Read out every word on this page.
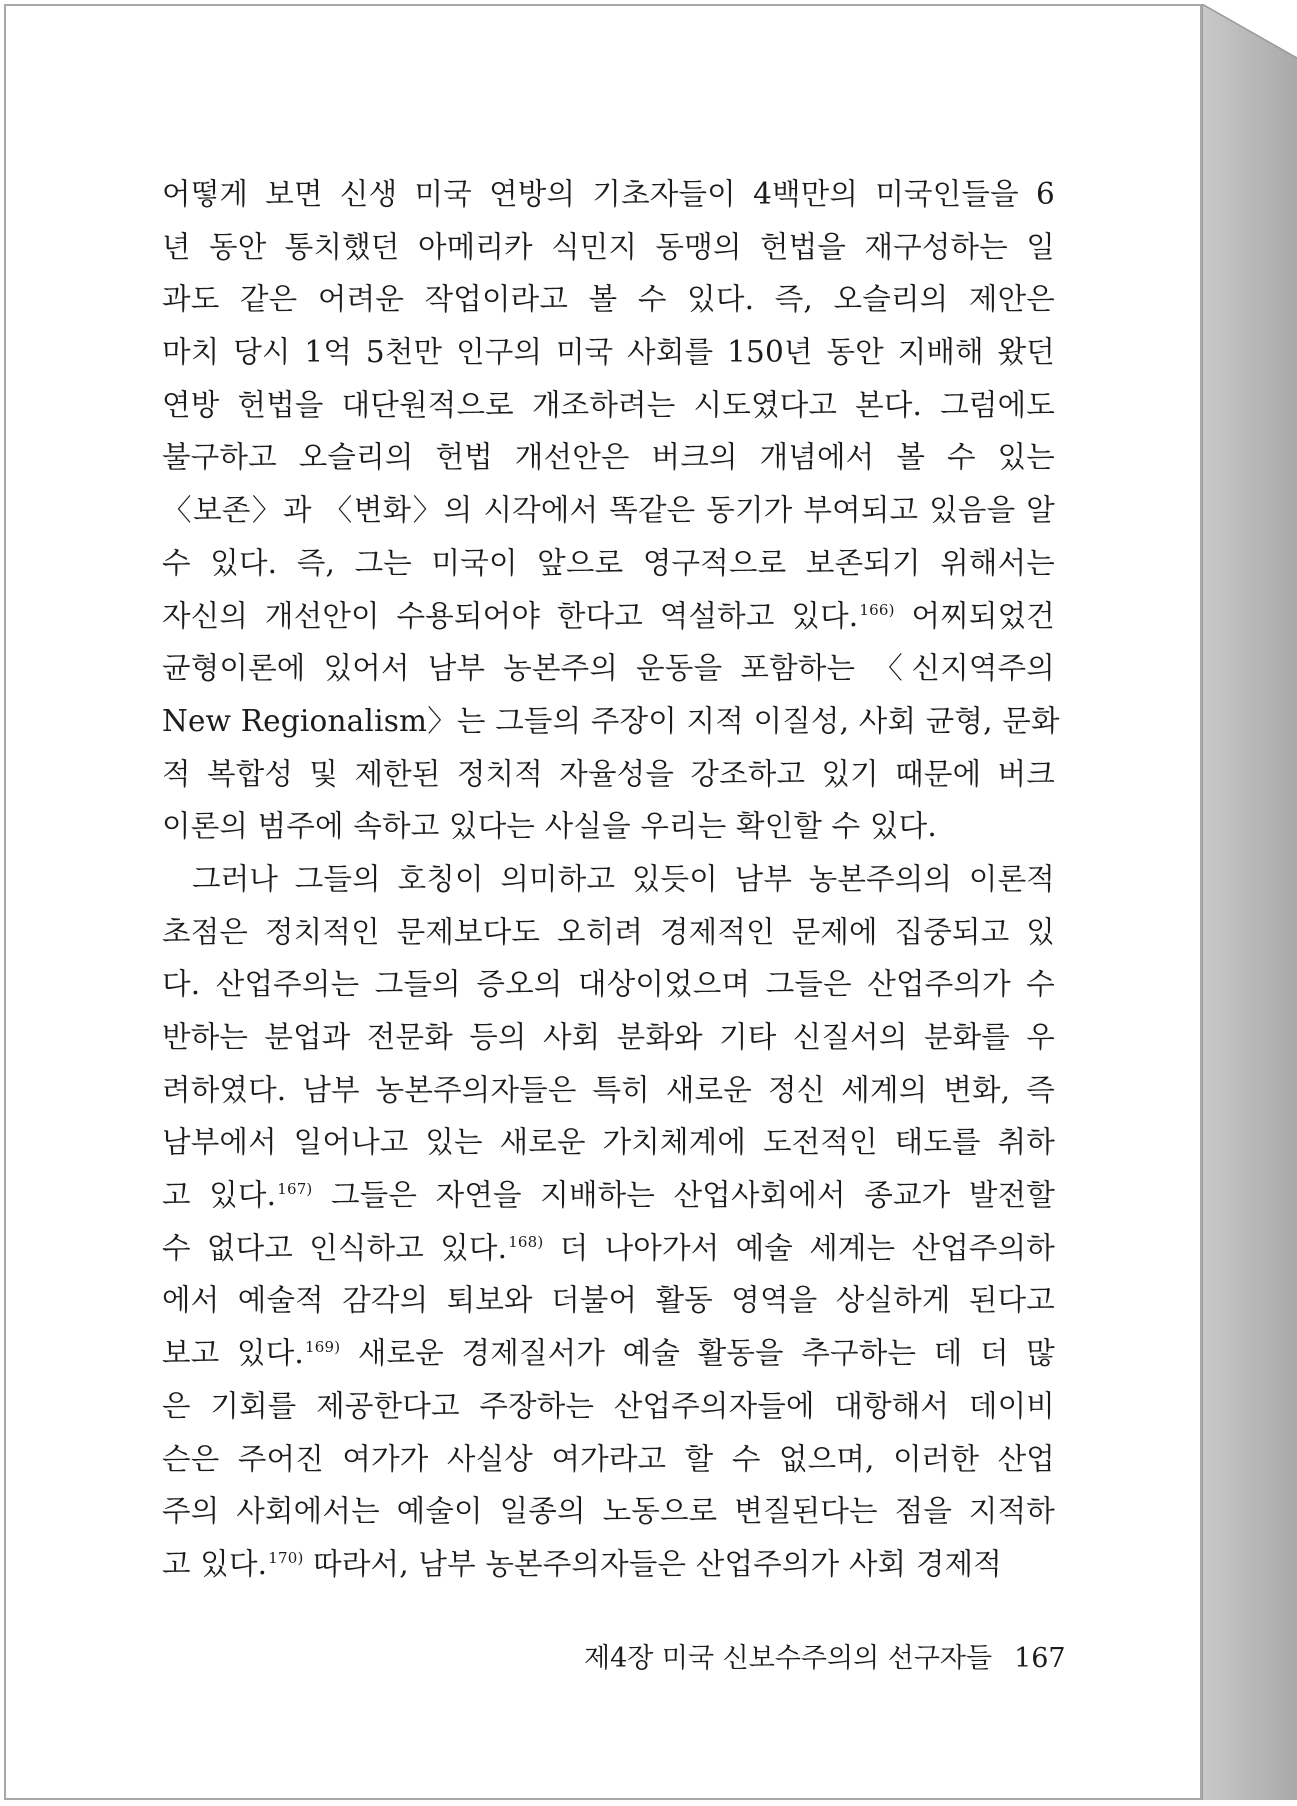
어떻게 보면 신생 미국 연방의 기초자들이 4백만의 미국인들을 6
년 동안 통치했던 아메리카 식민지 동맹의 헌법을 재구성하는 일
과도 같은 어려운 작업이라고 볼 수 있다. 즉, 오슬리의 제안은
마치 당시 1억 5천만 인구의 미국 사회를 150년 동안 지배해 왔던
연방 헌법을 대단원적으로 개조하려는 시도였다고 본다. 그럼에도
불구하고 오슬리의 헌법 개선안은 버크의 개념에서 볼 수 있는
〈보존〉과 〈변화〉의 시각에서 똑같은 동기가 부여되고 있음을 알
수 있다. 즉, 그는 미국이 앞으로 영구적으로 보존되기 위해서는
자신의 개선안이 수용되어야 한다고 역설하고 있다.$^{166)}$ 어찌되었건
균형이론에 있어서 남부 농본주의 운동을 포함하는 〈신지역주의
New Regionalism〉는 그들의 주장이 지적 이질성, 사회 균형, 문화
적 복합성 및 제한된 정치적 자율성을 강조하고 있기 때문에 버크
이론의 범주에 속하고 있다는 사실을 우리는 확인할 수 있다.
그러나 그들의 호칭이 의미하고 있듯이 남부 농본주의의 이론적
초점은 정치적인 문제보다도 오히려 경제적인 문제에 집중되고 있
다. 산업주의는 그들의 증오의 대상이었으며 그들은 산업주의가 수
반하는 분업과 전문화 등의 사회 분화와 기타 신질서의 분화를 우
려하였다. 남부 농본주의자들은 특히 새로운 정신 세계의 변화, 즉
남부에서 일어나고 있는 새로운 가치체계에 도전적인 태도를 취하
고 있다.$^{167)}$ 그들은 자연을 지배하는 산업사회에서 종교가 발전할
수 없다고 인식하고 있다.$^{168)}$ 더 나아가서 예술 세계는 산업주의하
에서 예술적 감각의 퇴보와 더불어 활동 영역을 상실하게 된다고
보고 있다.$^{169)}$ 새로운 경제질서가 예술 활동을 추구하는 데 더 많
은 기회를 제공한다고 주장하는 산업주의자들에 대항해서 데이비
슨은 주어진 여가가 사실상 여가라고 할 수 없으며, 이러한 산업
주의 사회에서는 예술이 일종의 노동으로 변질된다는 점을 지적하
고 있다.$^{170)}$ 따라서, 남부 농본주의자들은 산업주의가 사회 경제적
제4장 미국 신보수주의의 선구자들 167
